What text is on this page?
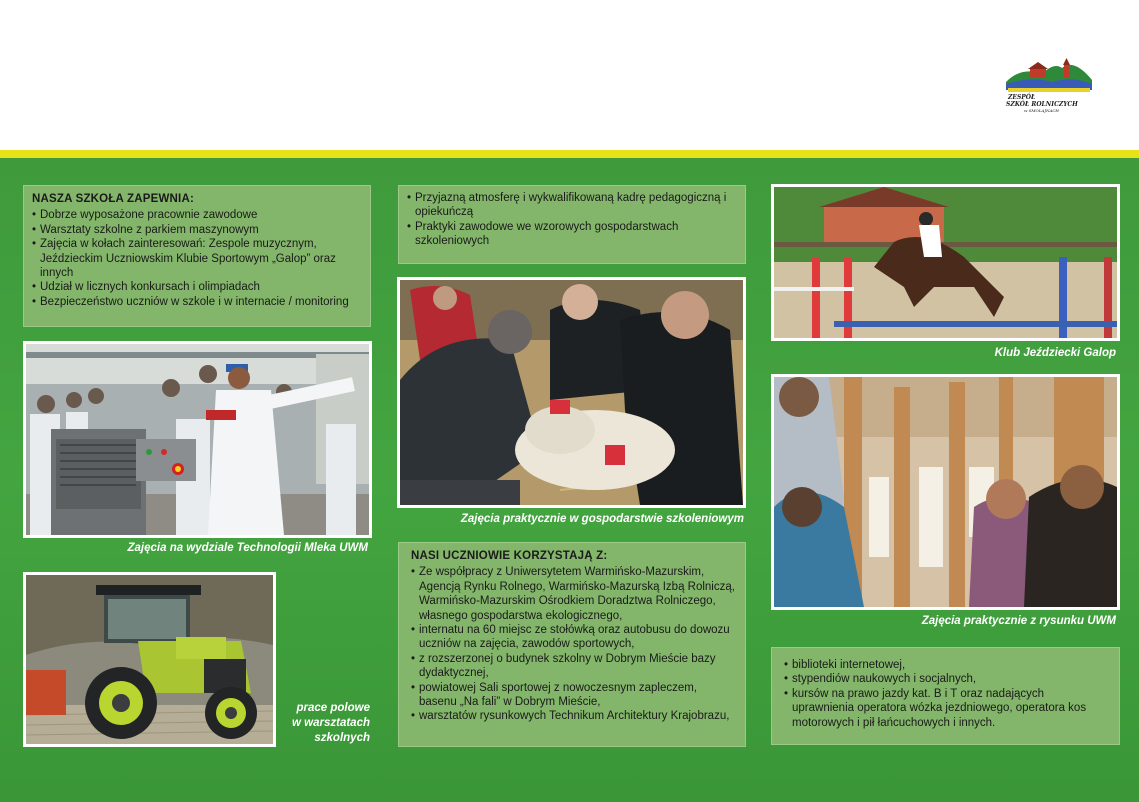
ZESPÓŁ
SZKÓŁ ROLNICZYCH
w SMOLAJNACH
NASZA SZKOŁA ZAPEWNIA:
• Dobrze wyposażone pracownie zawodowe
• Warsztaty szkolne z parkiem maszynowym
• Zajęcia w kołach zainteresowań: Zespole muzycznym, Jeździeckim Uczniowskim Klubie Sportowym „Galop” oraz innych
• Udział w licznych konkursach i olimpiadach
• Bezpieczeństwo uczniów w szkole i w internacie / monitoring
• Przyjazną atmosferę i wykwalifikowaną kadrę pedagogiczną i opiekuńczą
• Praktyki zawodowe we wzorowych gospodarstwach szkoleniowych
Zajęcia na wydziale Technologii Mleka UWM
prace polowe
w warsztatach
szkolnych
Zajęcia praktycznie w gospodarstwie szkoleniowym
NASI UCZNIOWIE KORZYSTAJĄ Z:
• Ze współpracy z Uniwersytetem Warmińsko-Mazurskim, Agencją Rynku Rolnego, Warmińsko-Mazurską Izbą Rolniczą, Warmińsko-Mazurskim Ośrodkiem Doradztwa Rolniczego, własnego gospodarstwa ekologicznego,
• internatu na 60 miejsc ze stołówką oraz autobusu do dowozu uczniów na zajęcia, zawodów sportowych,
• z rozszerzonej o budynek szkolny w Dobrym Mieście bazy dydaktycznej,
• powiatowej Sali sportowej z nowoczesnym zapleczem, basenu „Na fali” w Dobrym Mieście,
• warsztatów rysunkowych Technikum Architektury Krajobrazu,
Klub Jeździecki Galop
Zajęcia praktycznie z rysunku UWM
• biblioteki internetowej,
• stypendiów naukowych i socjalnych,
• kursów na prawo jazdy kat. B i T oraz nadających uprawnienia operatora wózka jezdniowego, operatora kos motorowych i pił łańcuchowych i innych.
